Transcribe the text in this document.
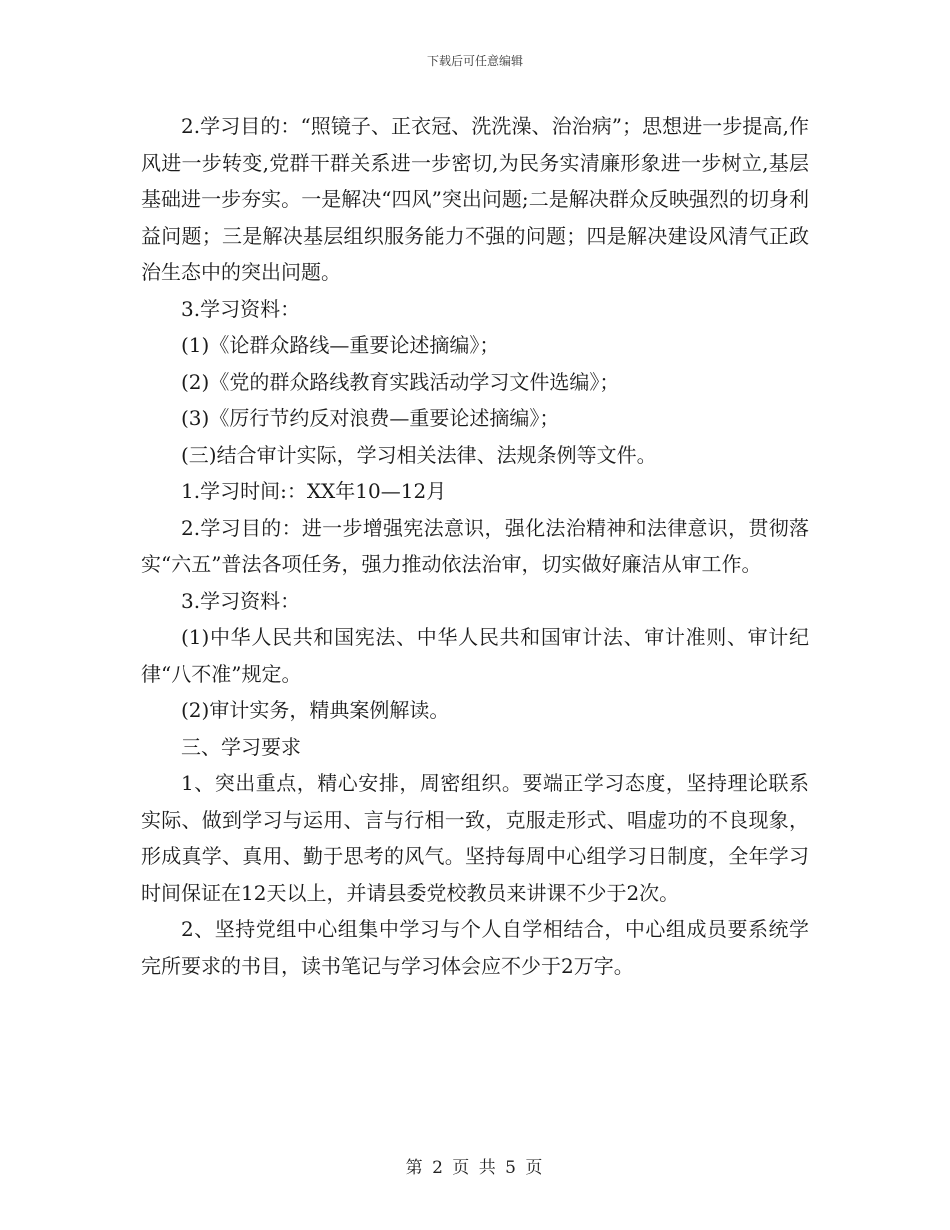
下载后可任意编辑

2.学习目的：“照镜子、正衣冠、洗洗澡、治治病”；思想进一步提高,作风进一步转变,党群干群关系进一步密切,为民务实清廉形象进一步树立,基层基础进一步夯实。一是解决“四风”突出问题;二是解决群众反映强烈的切身利益问题；三是解决基层组织服务能力不强的问题；四是解决建设风清气正政治生态中的突出问题。

3.学习资料：

(1)《论群众路线—重要论述摘编》；

(2)《党的群众路线教育实践活动学习文件选编》；

(3)《厉行节约反对浪费—重要论述摘编》；

(三)结合审计实际，学习相关法律、法规条例等文件。

1.学习时间:：XX年10—12月

2.学习目的：进一步增强宪法意识，强化法治精神和法律意识，贯彻落实“六五”普法各项任务，强力推动依法治审，切实做好廉洁从审工作。

3.学习资料：

(1)中华人民共和国宪法、中华人民共和国审计法、审计准则、审计纪律“八不准”规定。

(2)审计实务，精典案例解读。

三、学习要求

1、突出重点，精心安排，周密组织。要端正学习态度，坚持理论联系实际、做到学习与运用、言与行相一致，克服走形式、唱虚功的不良现象，形成真学、真用、勤于思考的风气。坚持每周中心组学习日制度，全年学习时间保证在12天以上，并请县委党校教员来讲课不少于2次。

2、坚持党组中心组集中学习与个人自学相结合，中心组成员要系统学完所要求的书目，读书笔记与学习体会应不少于2万字。

第 2 页 共 5 页
